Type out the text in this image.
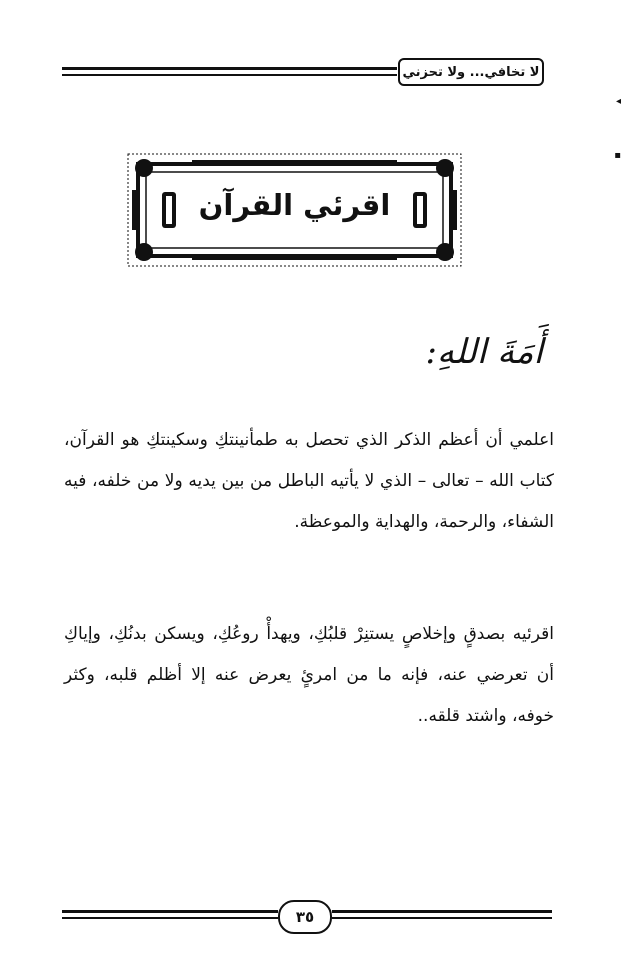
لا تخافي... ولا تحزني
◂
▪
اقرئي القرآن
أَمَةَ اللهِ:

اعلمي أن أعظم الذكر الذي تحصل به طمأنينتكِ وسكينتكِ هو القرآن، كتاب الله – تعالى – الذي لا يأتيه الباطل من بين يديه ولا من خلفه، فيه الشفاء، والرحمة، والهداية والموعظة.

اقرئيه بصدقٍ وإخلاصٍ يستنِرْ قلبُكِ، ويهدأْ روعُكِ، ويسكن بدنُكِ، وإياكِ أن تعرضي عنه، فإنه ما من امرئٍ يعرض عنه إلا أظلم قلبه، وكثر خوفه، واشتد قلقه..

٣٥
